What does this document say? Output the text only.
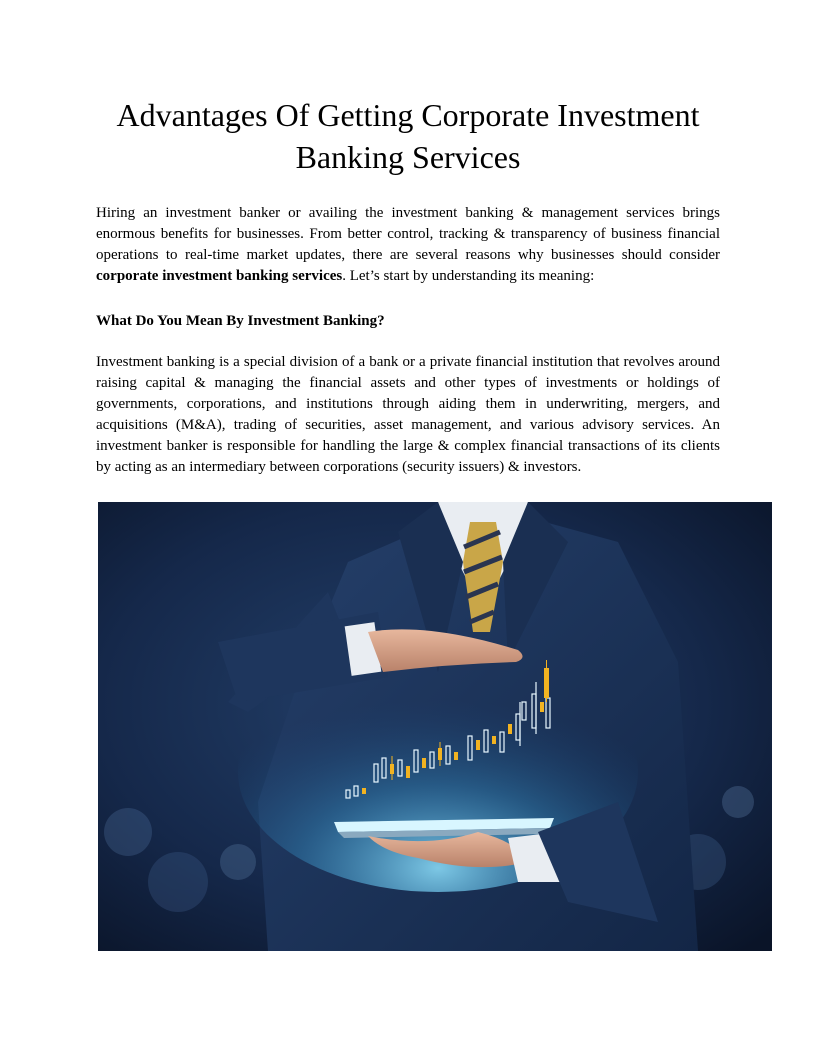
Advantages Of Getting Corporate Investment Banking Services

Hiring an investment banker or availing the investment banking & management services brings enormous benefits for businesses. From better control, tracking & transparency of business financial operations to real-time market updates, there are several reasons why businesses should consider corporate investment banking services. Let’s start by understanding its meaning:

What Do You Mean By Investment Banking?

Investment banking is a special division of a bank or a private financial institution that revolves around raising capital & managing the financial assets and other types of investments or holdings of governments, corporations, and institutions through aiding them in underwriting, mergers, and acquisitions (M&A), trading of securities, asset management, and various advisory services. An investment banker is responsible for handling the large & complex financial transactions of its clients by acting as an intermediary between corporations (security issuers) & investors.
